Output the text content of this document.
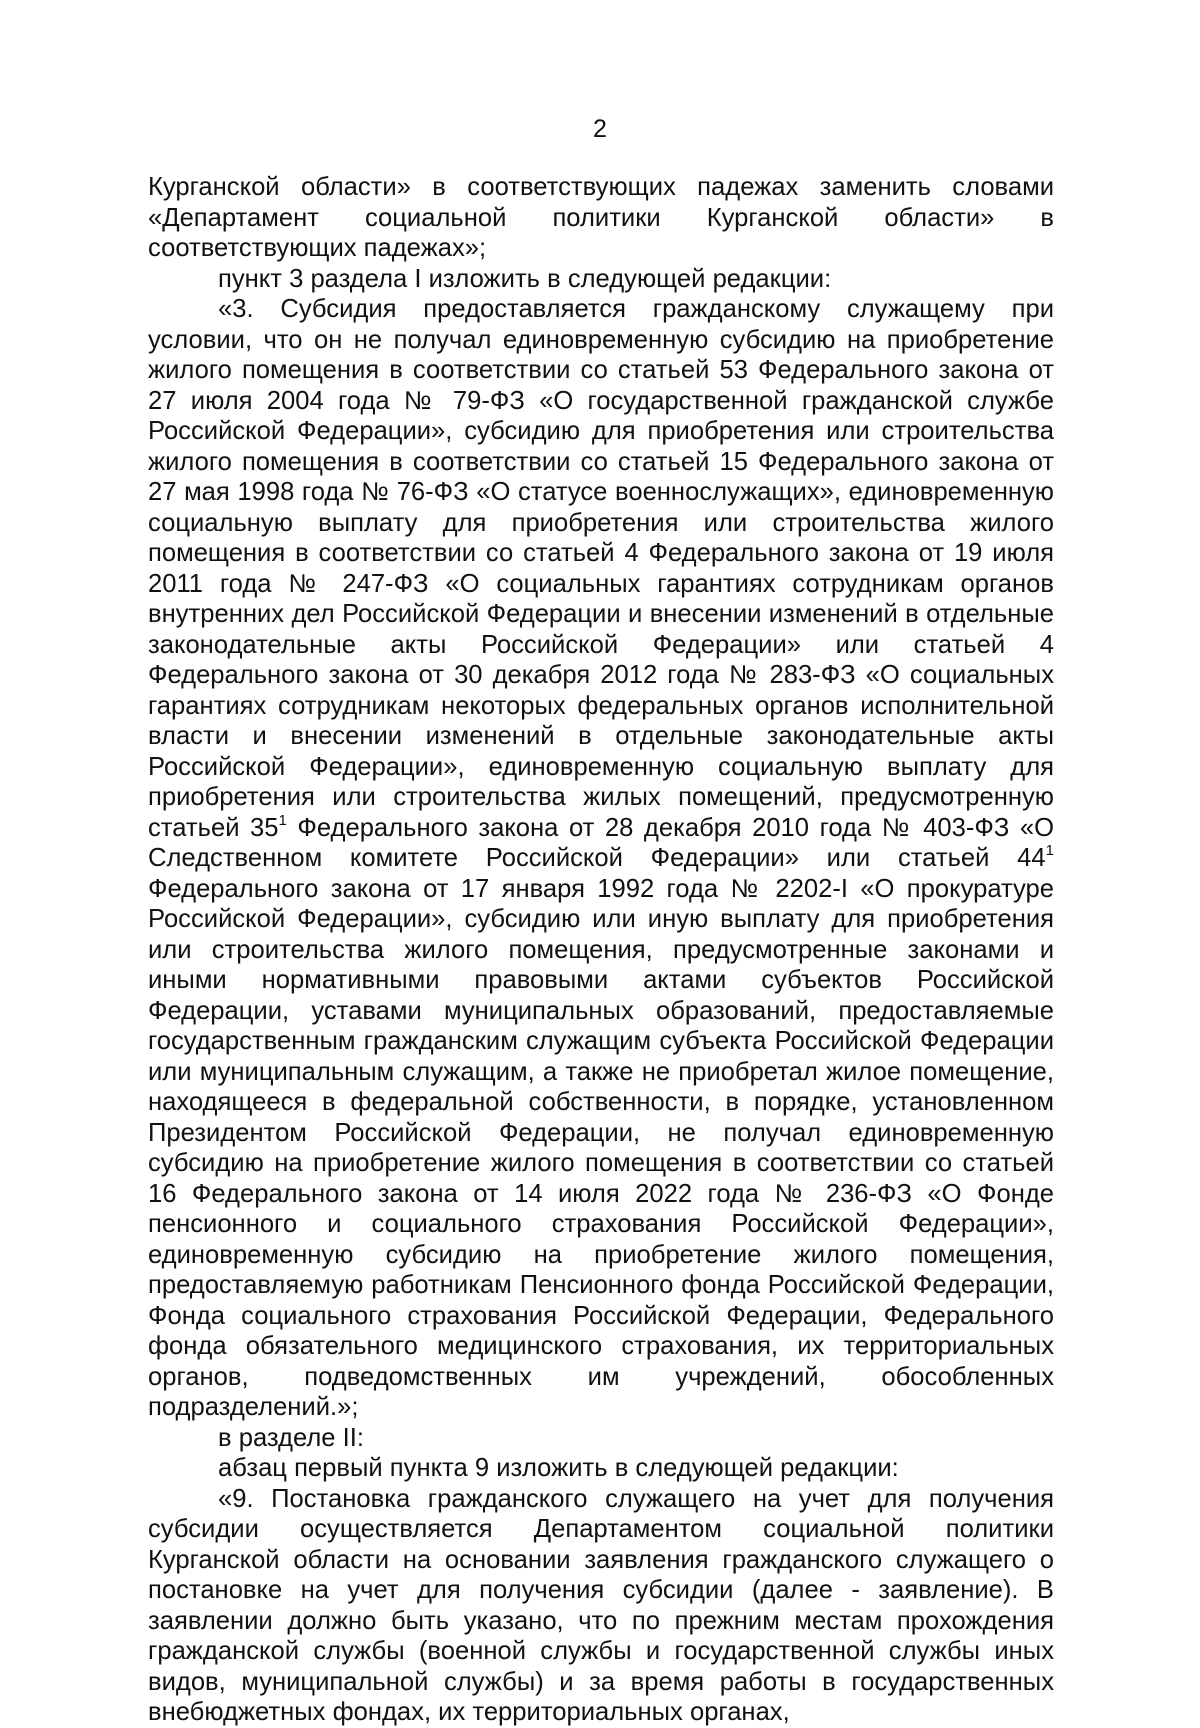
2

Курганской области» в соответствующих падежах заменить словами «Департамент социальной политики Курганской области» в соответствующих падежах»;

пункт 3 раздела I изложить в следующей редакции:

«3. Субсидия предоставляется гражданскому служащему при условии, что он не получал единовременную субсидию на приобретение жилого помещения в соответствии со статьей 53 Федерального закона от 27 июля 2004 года № 79-ФЗ «О государственной гражданской службе Российской Федерации», субсидию для приобретения или строительства жилого помещения в соответствии со статьей 15 Федерального закона от 27 мая 1998 года № 76-ФЗ «О статусе военнослужащих», единовременную социальную выплату для приобретения или строительства жилого помещения в соответствии со статьей 4 Федерального закона от 19 июля 2011 года № 247-ФЗ «О социальных гарантиях сотрудникам органов внутренних дел Российской Федерации и внесении изменений в отдельные законодательные акты Российской Федерации» или статьей 4 Федерального закона от 30 декабря 2012 года № 283-ФЗ «О социальных гарантиях сотрудникам некоторых федеральных органов исполнительной власти и внесении изменений в отдельные законодательные акты Российской Федерации», единовременную социальную выплату для приобретения или строительства жилых помещений, предусмотренную статьей $35^1$ Федерального закона от 28 декабря 2010 года № 403-ФЗ «О Следственном комитете Российской Федерации» или статьей $44^1$ Федерального закона от 17 января 1992 года № 2202-I «О прокуратуре Российской Федерации», субсидию или иную выплату для приобретения или строительства жилого помещения, предусмотренные законами и иными нормативными правовыми актами субъектов Российской Федерации, уставами муниципальных образований, предоставляемые государственным гражданским служащим субъекта Российской Федерации или муниципальным служащим, а также не приобретал жилое помещение, находящееся в федеральной собственности, в порядке, установленном Президентом Российской Федерации, не получал единовременную субсидию на приобретение жилого помещения в соответствии со статьей 16 Федерального закона от 14 июля 2022 года № 236-ФЗ «О Фонде пенсионного и социального страхования Российской Федерации», единовременную субсидию на приобретение жилого помещения, предоставляемую работникам Пенсионного фонда Российской Федерации, Фонда социального страхования Российской Федерации, Федерального фонда обязательного медицинского страхования, их территориальных органов, подведомственных им учреждений, обособленных подразделений.»;

в разделе II:

абзац первый пункта 9 изложить в следующей редакции:

«9. Постановка гражданского служащего на учет для получения субсидии осуществляется Департаментом социальной политики Курганской области на основании заявления гражданского служащего о постановке на учет для получения субсидии (далее - заявление). В заявлении должно быть указано, что по прежним местам прохождения гражданской службы (военной службы и государственной службы иных видов, муниципальной службы) и за время работы в государственных внебюджетных фондах, их территориальных органах,
